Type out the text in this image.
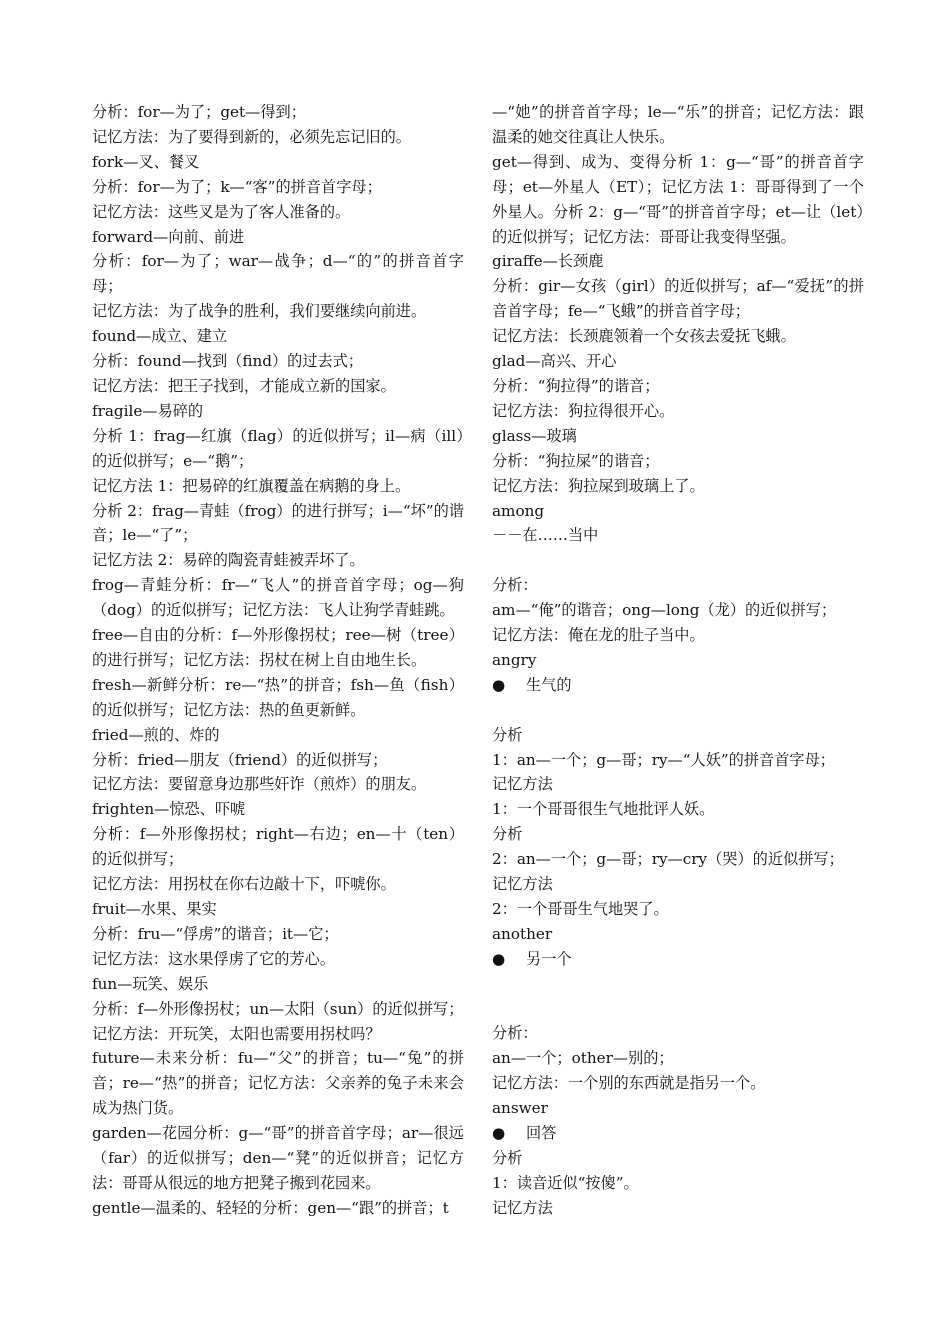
分析：for—为了；get—得到；
记忆方法：为了要得到新的，必须先忘记旧的。
fork—叉、餐叉
分析：for—为了；k—“客”的拼音首字母；
记忆方法：这些叉是为了客人准备的。
forward—向前、前进
分析：for—为了；war—战争；d—“的”的拼音首字母；
记忆方法：为了战争的胜利，我们要继续向前进。
found—成立、建立
分析：found—找到（find）的过去式；
记忆方法：把王子找到，才能成立新的国家。
fragile—易碎的
分析 1：frag—红旗（flag）的近似拼写；il—病（ill）的近似拼写；e—“鹅”；
记忆方法 1：把易碎的红旗覆盖在病鹅的身上。
分析 2：frag—青蛙（frog）的进行拼写；i—“坏”的谐音；le—“了”；
记忆方法 2：易碎的陶瓷青蛙被弄坏了。
frog—青蛙分析：fr—“飞人”的拼音首字母；og—狗（dog）的近似拼写；记忆方法：飞人让狗学青蛙跳。
free—自由的分析：f—外形像拐杖；ree—树（tree）的进行拼写；记忆方法：拐杖在树上自由地生长。
fresh—新鲜分析：re—“热”的拼音；fsh—鱼（fish）的近似拼写；记忆方法：热的鱼更新鲜。
fried—煎的、炸的
分析：fried—朋友（friend）的近似拼写；
记忆方法：要留意身边那些奸诈（煎炸）的朋友。
frighten—惊恐、吓唬
分析：f—外形像拐杖；right—右边；en—十（ten）的近似拼写；
记忆方法：用拐杖在你右边敲十下，吓唬你。
fruit—水果、果实
分析：fru—“俘虏”的谐音；it—它；
记忆方法：这水果俘虏了它的芳心。
fun—玩笑、娱乐
分析：f—外形像拐杖；un—太阳（sun）的近似拼写；
记忆方法：开玩笑，太阳也需要用拐杖吗？
future—未来分析：fu—“父”的拼音；tu—“兔”的拼音；re—“热”的拼音；记忆方法：父亲养的兔子未来会成为热门货。
garden—花园分析：g—“哥”的拼音首字母；ar—很远（far）的近似拼写；den—“凳”的近似拼音；记忆方法：哥哥从很远的地方把凳子搬到花园来。
gentle—温柔的、轻轻的分析：gen—“跟”的拼音；t
—“她”的拼音首字母；le—“乐”的拼音；记忆方法：跟温柔的她交往真让人快乐。
get—得到、成为、变得分析 1：g—“哥”的拼音首字母；et—外星人（ET）；记忆方法 1：哥哥得到了一个外星人。分析 2：g—“哥”的拼音首字母；et—让（let）的近似拼写；记忆方法：哥哥让我变得坚强。
giraffe—长颈鹿
分析：gir—女孩（girl）的近似拼写；af—“爱抚”的拼音首字母；fe—“飞蛾”的拼音首字母；
记忆方法：长颈鹿领着一个女孩去爱抚飞蛾。
glad—高兴、开心
分析：“狗拉得”的谐音；
记忆方法：狗拉得很开心。
glass—玻璃
分析：“狗拉屎”的谐音；
记忆方法：狗拉屎到玻璃上了。
among
－－在……当中
分析：
am—“俺”的谐音；ong—long（龙）的近似拼写；
记忆方法：俺在龙的肚子当中。
angry
●	生气的
分析
1：an—一个；g—哥；ry—“人妖”的拼音首字母；
记忆方法
1：一个哥哥很生气地批评人妖。
分析
2：an—一个；g—哥；ry—cry（哭）的近似拼写；
记忆方法
2：一个哥哥生气地哭了。
another
●	另一个
分析：
an—一个；other—别的；
记忆方法：一个别的东西就是指另一个。
answer
●	回答
分析
1：读音近似“按傻”。
记忆方法
